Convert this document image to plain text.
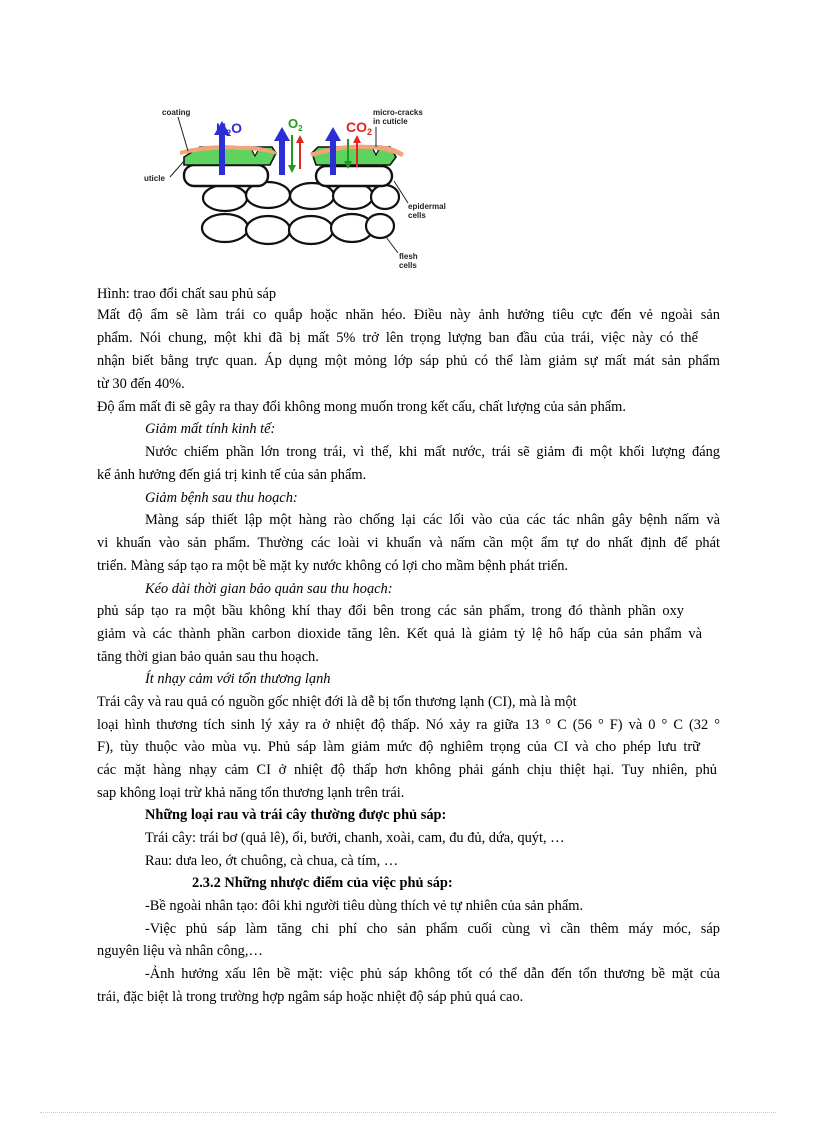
$H_2O$	$O_2$	$CO_2$
coating
uticle
micro-cracks
in cuticle
epidermal
cells
flesh
cells
Hình: trao đổi chất sau phủ sáp
Mất độ ẩm sẽ làm trái co quắp hoặc nhăn héo. Điều này ảnh hưởng tiêu cực đến vẻ ngoài sản
phẩm. Nói chung, một khi đã bị mất 5% trở lên trọng lượng ban đầu của trái, việc này có thể
nhận biết bằng trực quan. Áp dụng một mỏng lớp sáp phủ có thể làm giảm sự mất mát sản phẩm
từ 30 đến 40%.
Độ ẩm mất đi sẽ gây ra thay đổi không mong muốn trong kết cấu, chất lượng của sản phẩm.
Giảm mất tính kinh tế:
Nước chiếm phần lớn trong trái, vì thế, khi mất nước, trái sẽ giảm đi một khối lượng đáng
kể ảnh hưởng đến giá trị kinh tế của sản phẩm.
Giảm bệnh sau thu hoạch:
Màng sáp thiết lập một hàng rào chống lại các lối vào của các tác nhân gây bệnh nấm và
vi khuẩn vào sản phẩm. Thường các loài vi khuẩn và nấm cần một ẩm tự do nhất định để phát
triển. Màng sáp tạo ra một bề mặt ky nước không có lợi cho mầm bệnh phát triển.
Kéo dài thời gian bảo quản sau thu hoạch:
phủ sáp tạo ra một bầu không khí thay đổi bên trong các sản phẩm, trong đó thành phần oxy
giảm và các thành phần carbon dioxide tăng lên. Kết quả là giảm tỷ lệ hô hấp của sản phẩm và
tăng thời gian bảo quản sau thu hoạch.
Ít nhạy cảm với tổn thương lạnh
Trái cây và rau quả có nguồn gốc nhiệt đới là dễ bị tổn thương lạnh (CI), mà là một
loại hình thương tích sinh lý xảy ra ở nhiệt độ thấp. Nó xảy ra giữa 13 ° C (56 ° F) và 0 ° C (32 °
F), tùy thuộc vào mùa vụ. Phủ sáp làm giảm mức độ nghiêm trọng của CI và cho phép lưu trữ
các mặt hàng nhạy cảm CI ở nhiệt độ thấp hơn không phải gánh chịu thiệt hại. Tuy nhiên, phủ
sap không loại trừ khả năng tổn thương lạnh trên trái.
Những loại rau và trái cây thường được phủ sáp:
Trái cây: trái bơ (quả lê), ổi, bưởi, chanh, xoài, cam, đu đủ, dứa, quýt, …
Rau: dưa leo, ớt chuông, cà chua, cà tím, …
2.3.2 Những nhược điểm của việc phủ sáp:
-Bề ngoài nhân tạo: đôi khi người tiêu dùng thích vẻ tự nhiên của sản phẩm.
-Việc phủ sáp làm tăng chi phí cho sản phẩm cuối cùng vì cần thêm máy móc, sáp
nguyên liệu và nhân công,…
-Ảnh hưởng xấu lên bề mặt: việc phủ sáp không tốt có thể dẫn đến tổn thương bề mặt của
trái, đặc biệt là trong trường hợp ngâm sáp hoặc nhiệt độ sáp phủ quá cao.
